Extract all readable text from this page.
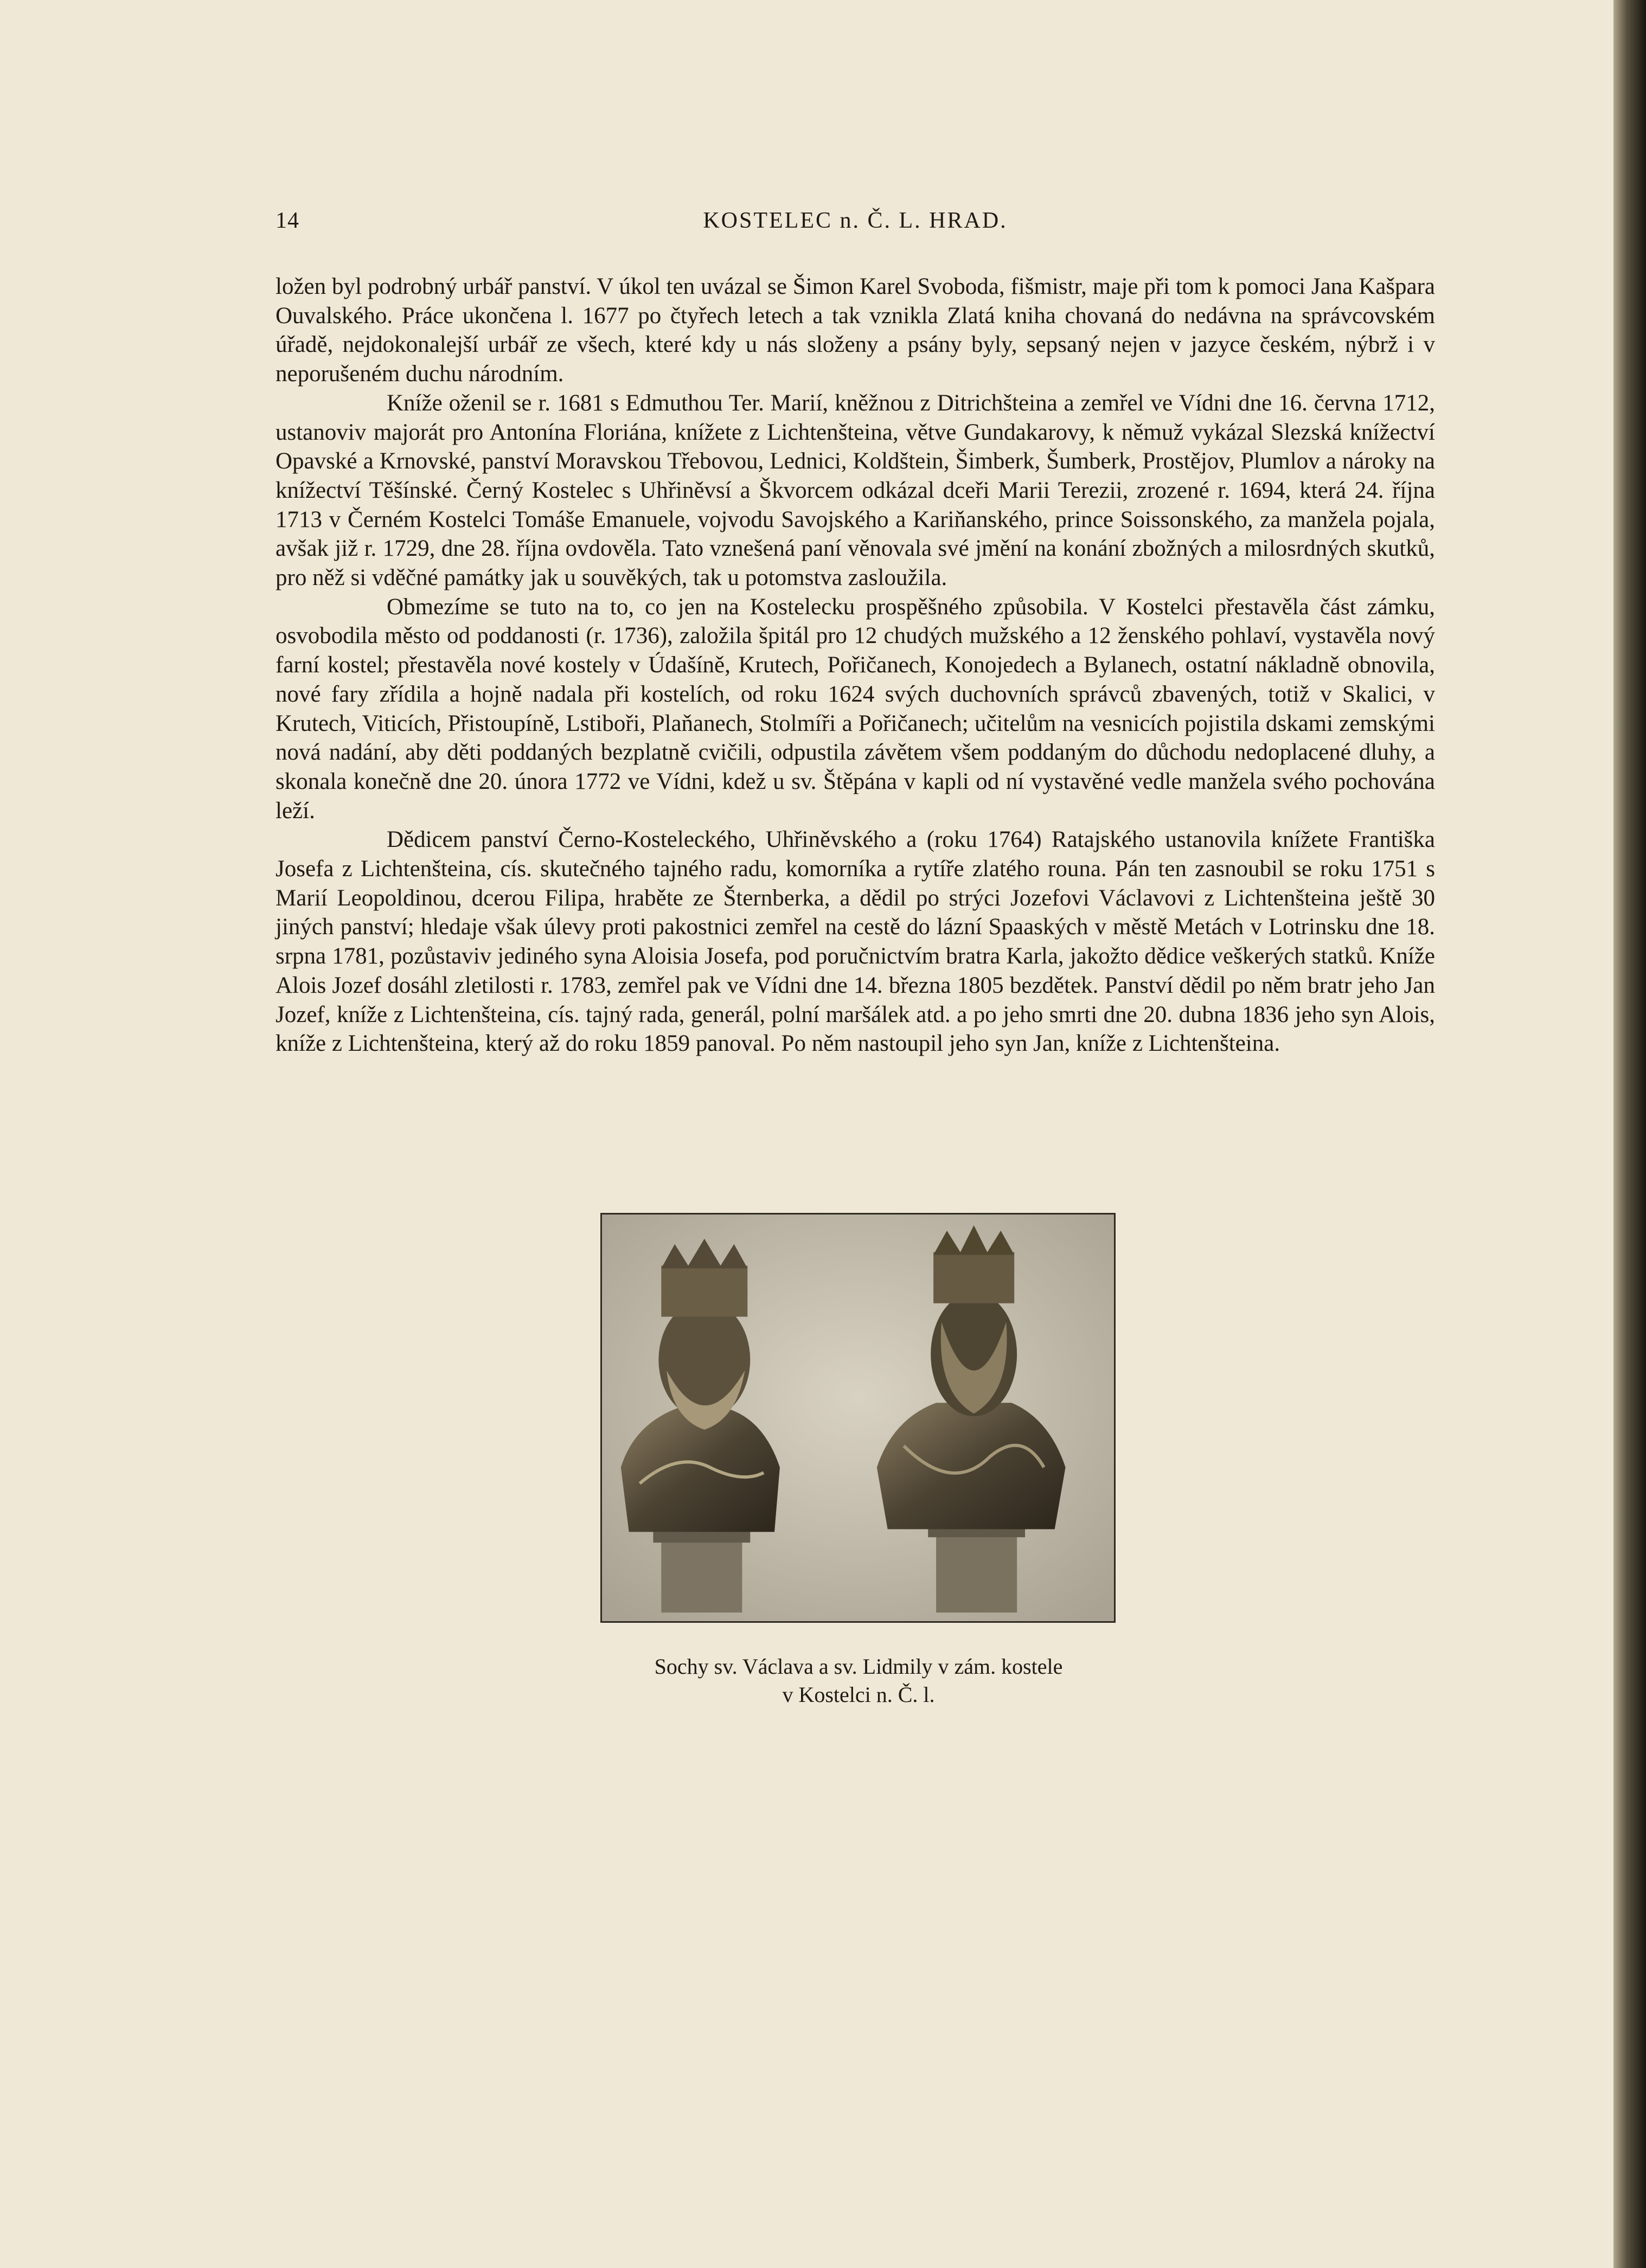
14	KOSTELEC n. Č. L. HRAD.

ložen byl podrobný urbář panství. V úkol ten uvázal se Šimon Karel Svoboda, fišmistr, maje při tom k pomoci Jana Kašpara Ouvalského. Práce ukončena l. 1677 po čtyřech letech a tak vznikla Zlatá kniha chovaná do nedávna na správcovském úřadě, nejdokonalejší urbář ze všech, které kdy u nás složeny a psány byly, sepsaný nejen v jazyce českém, nýbrž i v neporušeném duchu národním.

Kníže oženil se r. 1681 s Edmuthou Ter. Marií, kněžnou z Ditrichšteina a zemřel ve Vídni dne 16. června 1712, ustanoviv majorát pro Antonína Floriána, knížete z Lichtenšteina, větve Gundakarovy, k němuž vykázal Slezská knížectví Opavské a Krnovské, panství Moravskou Třebovou, Lednici, Koldštein, Šimberk, Šumberk, Prostějov, Plumlov a nároky na knížectví Těšínské. Černý Kostelec s Uhřiněvsí a Škvorcem odkázal dceři Marii Terezii, zrozené r. 1694, která 24. října 1713 v Černém Kostelci Tomáše Emanuele, vojvodu Savojského a Kariňanského, prince Soissonského, za manžela pojala, avšak již r. 1729, dne 28. října ovdověla. Tato vznešená paní věnovala své jmění na konání zbožných a milosrdných skutků, pro něž si vděčné památky jak u souvěkých, tak u potomstva zasloužila.

Obmezíme se tuto na to, co jen na Kostelecku prospěšného způsobila. V Kostelci přestavěla část zámku, osvobodila město od poddanosti (r. 1736), založila špitál pro 12 chudých mužského a 12 ženského pohlaví, vystavěla nový farní kostel; přestavěla nové kostely v Údašíně, Krutech, Pořičanech, Konojedech a Bylanech, ostatní nákladně obnovila, nové fary zřídila a hojně nadala při kostelích, od roku 1624 svých duchovních správců zbavených, totiž v Skalici, v Krutech, Viticích, Přistoupíně, Lstiboři, Plaňanech, Stolmíři a Pořičanech; učitelům na vesnicích pojistila dskami zemskými nová nadání, aby děti poddaných bezplatně cvičili, odpustila závětem všem poddaným do důchodu nedoplacené dluhy, a skonala konečně dne 20. února 1772 ve Vídni, kdež u sv. Štěpána v kapli od ní vystavěné vedle manžela svého pochována leží.

Dědicem panství Černo-Kosteleckého, Uhřiněvského a (roku 1764) Ratajského ustanovila knížete Františka Josefa z Lichtenšteina, cís. skutečného tajného radu, komorníka a rytíře zlatého rouna. Pán ten zasnoubil se roku 1751 s Marií Leopoldinou, dcerou Filipa, hraběte ze Šternberka, a dědil po strýci Jozefovi Václavovi z Lichtenšteina ještě 30 jiných panství; hledaje však úlevy proti pakostnici zemřel na cestě do lázní Spaaských v městě Metách v Lotrinsku dne 18. srpna 1781, pozůstaviv jediného syna Aloisia Josefa, pod poručnictvím bratra Karla, jakožto dědice veškerých statků. Kníže Alois Jozef dosáhl zletilosti r. 1783, zemřel pak ve Vídni dne 14. března 1805 bezdětek. Panství dědil po něm bratr jeho Jan Jozef, kníže z Lichtenšteina, cís. tajný rada, generál, polní maršálek atd. a po jeho smrti dne 20. dubna 1836 jeho syn Alois, kníže z Lichtenšteina, který až do roku 1859 panoval. Po něm nastoupil jeho syn Jan, kníže z Lichtenšteina.

Sochy sv. Václava a sv. Lidmily v zám. kostele
v Kostelci n. Č. l.
